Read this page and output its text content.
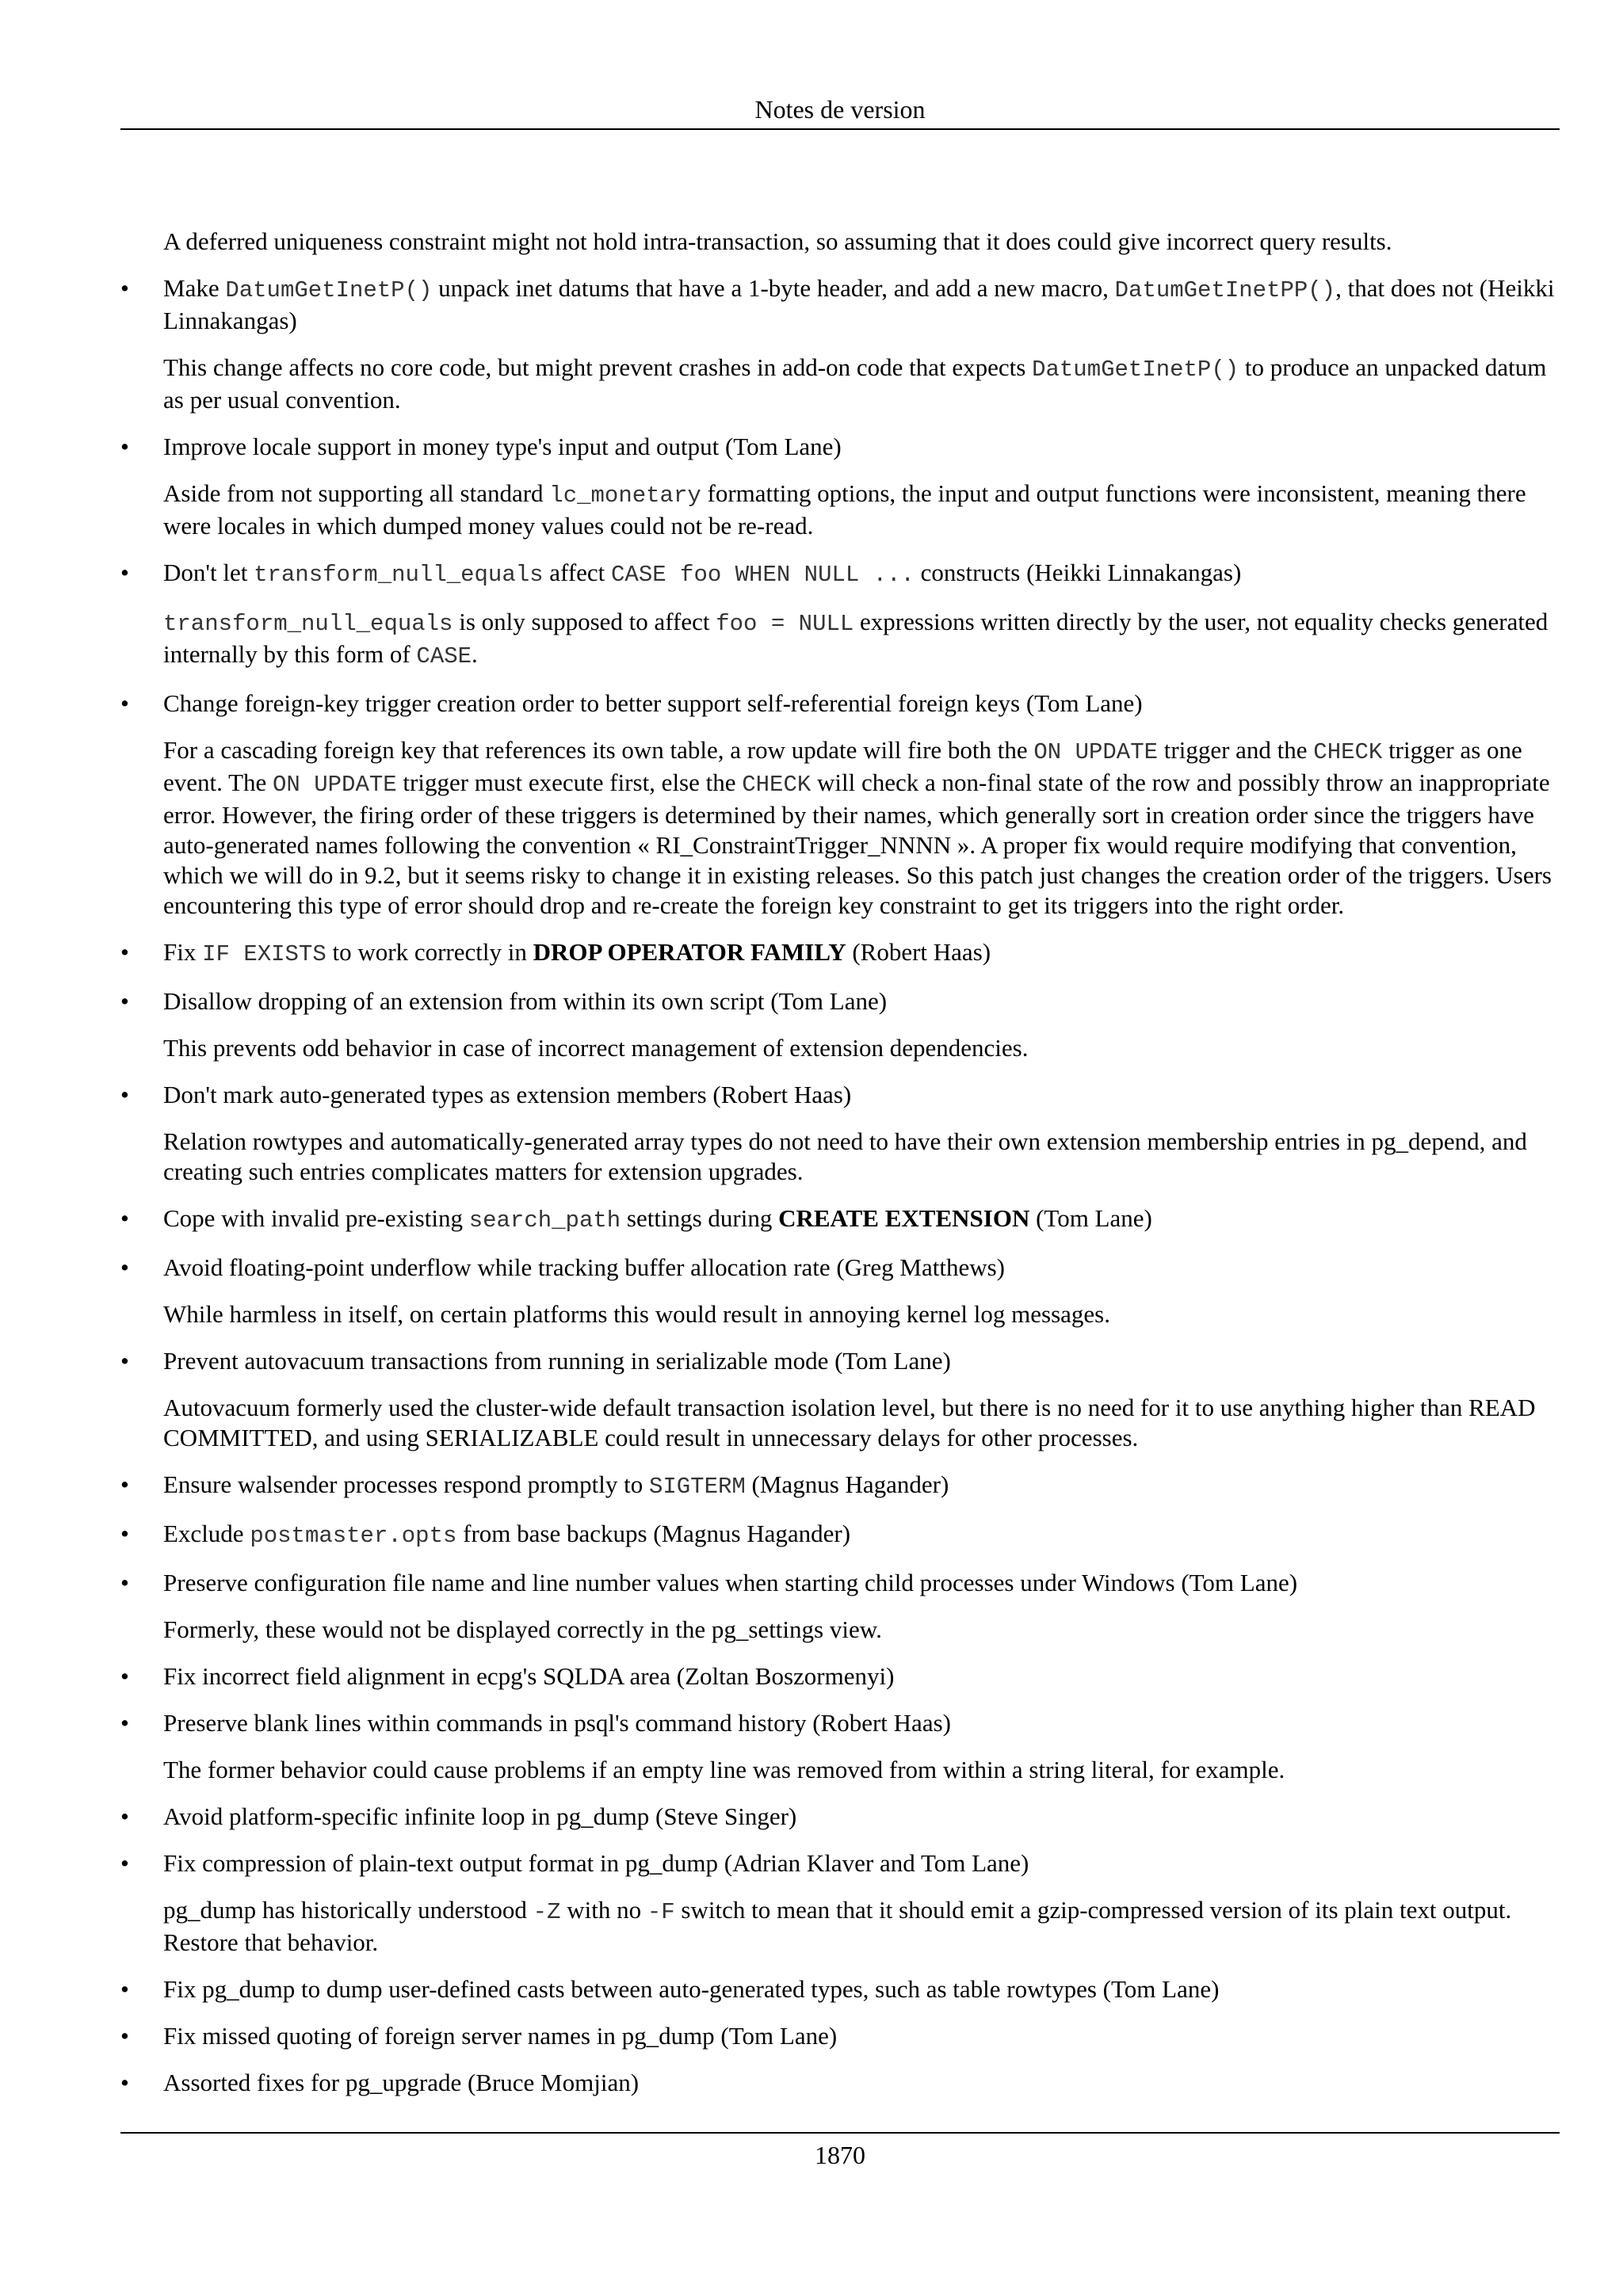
Notes de version

A deferred uniqueness constraint might not hold intra-transaction, so assuming that it does could give incorrect query results.

• Make DatumGetInetP() unpack inet datums that have a 1-byte header, and add a new macro, DatumGetInetPP(), that does not (Heikki Linnakangas)
This change affects no core code, but might prevent crashes in add-on code that expects DatumGetInetP() to produce an unpacked datum as per usual convention.
• Improve locale support in money type's input and output (Tom Lane)
Aside from not supporting all standard lc_monetary formatting options, the input and output functions were inconsistent, meaning there were locales in which dumped money values could not be re-read.
• Don't let transform_null_equals affect CASE foo WHEN NULL ... constructs (Heikki Linnakangas)
transform_null_equals is only supposed to affect foo = NULL expressions written directly by the user, not equality checks generated internally by this form of CASE.
• Change foreign-key trigger creation order to better support self-referential foreign keys (Tom Lane)
For a cascading foreign key that references its own table, a row update will fire both the ON UPDATE trigger and the CHECK trigger as one event. The ON UPDATE trigger must execute first, else the CHECK will check a non-final state of the row and possibly throw an inappropriate error. However, the firing order of these triggers is determined by their names, which generally sort in creation order since the triggers have auto-generated names following the convention « RI_ConstraintTrigger_NNNN ». A proper fix would require modifying that convention, which we will do in 9.2, but it seems risky to change it in existing releases. So this patch just changes the creation order of the triggers. Users encountering this type of error should drop and re-create the foreign key constraint to get its triggers into the right order.
• Fix IF EXISTS to work correctly in DROP OPERATOR FAMILY (Robert Haas)
• Disallow dropping of an extension from within its own script (Tom Lane)
This prevents odd behavior in case of incorrect management of extension dependencies.
• Don't mark auto-generated types as extension members (Robert Haas)
Relation rowtypes and automatically-generated array types do not need to have their own extension membership entries in pg_depend, and creating such entries complicates matters for extension upgrades.
• Cope with invalid pre-existing search_path settings during CREATE EXTENSION (Tom Lane)
• Avoid floating-point underflow while tracking buffer allocation rate (Greg Matthews)
While harmless in itself, on certain platforms this would result in annoying kernel log messages.
• Prevent autovacuum transactions from running in serializable mode (Tom Lane)
Autovacuum formerly used the cluster-wide default transaction isolation level, but there is no need for it to use anything higher than READ COMMITTED, and using SERIALIZABLE could result in unnecessary delays for other processes.
• Ensure walsender processes respond promptly to SIGTERM (Magnus Hagander)
• Exclude postmaster.opts from base backups (Magnus Hagander)
• Preserve configuration file name and line number values when starting child processes under Windows (Tom Lane)
Formerly, these would not be displayed correctly in the pg_settings view.
• Fix incorrect field alignment in ecpg's SQLDA area (Zoltan Boszormenyi)
• Preserve blank lines within commands in psql's command history (Robert Haas)
The former behavior could cause problems if an empty line was removed from within a string literal, for example.
• Avoid platform-specific infinite loop in pg_dump (Steve Singer)
• Fix compression of plain-text output format in pg_dump (Adrian Klaver and Tom Lane)
pg_dump has historically understood -Z with no -F switch to mean that it should emit a gzip-compressed version of its plain text output. Restore that behavior.
• Fix pg_dump to dump user-defined casts between auto-generated types, such as table rowtypes (Tom Lane)
• Fix missed quoting of foreign server names in pg_dump (Tom Lane)
• Assorted fixes for pg_upgrade (Bruce Momjian)
1870
